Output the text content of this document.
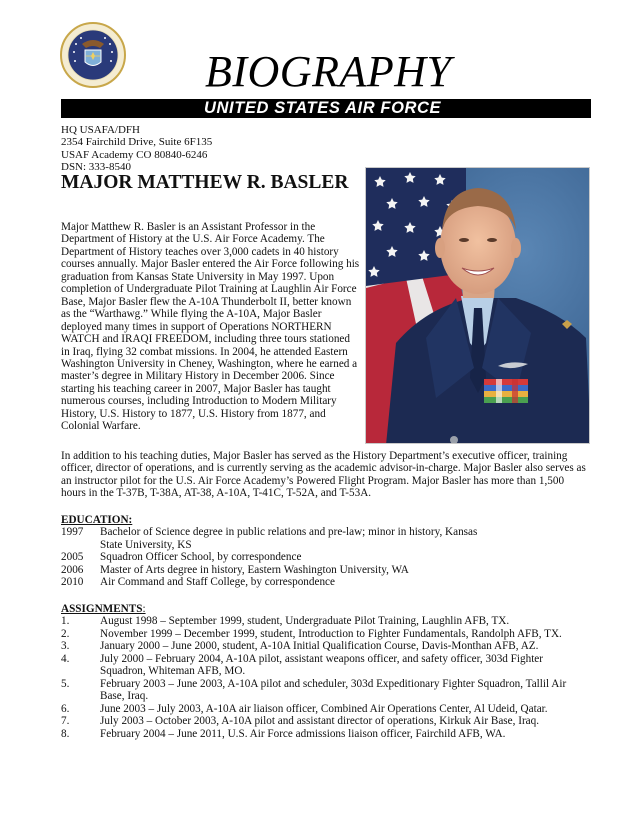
BIOGRAPHY
UNITED STATES AIR FORCE
HQ USAFA/DFH
2354 Fairchild Drive, Suite 6F135
USAF Academy CO 80840-6246
DSN: 333-8540
MAJOR MATTHEW R. BASLER

Major Matthew R. Basler is an Assistant Professor in the Department of History at the U.S. Air Force Academy. The Department of History teaches over 3,000 cadets in 40 history courses annually. Major Basler entered the Air Force following his graduation from Kansas State University in May 1997. Upon completion of Undergraduate Pilot Training at Laughlin Air Force Base, Major Basler flew the A-10A Thunderbolt II, better known as the “Warthawg.” While flying the A-10A, Major Basler deployed many times in support of Operations NORTHERN WATCH and IRAQI FREEDOM, including three tours stationed in Iraq, flying 32 combat missions. In 2004, he attended Eastern Washington University in Cheney, Washington, where he earned a master’s degree in Military History in December 2006. Since starting his teaching career in 2007, Major Basler has taught numerous courses, including Introduction to Modern Military History, U.S. History to 1877, U.S. History from 1877, and Colonial Warfare.

In addition to his teaching duties, Major Basler has served as the History Department’s executive officer, training officer, director of operations, and is currently serving as the academic advisor-in-charge. Major Basler also serves as an instructor pilot for the U.S. Air Force Academy’s Powered Flight Program. Major Basler has more than 1,500 hours in the T-37B, T-38A, AT-38, A-10A, T-41C, T-52A, and T-53A.

EDUCATION:
1997	Bachelor of Science degree in public relations and pre-law; minor in history, Kansas State University, KS
2005	Squadron Officer School, by correspondence
2006	Master of Arts degree in history, Eastern Washington University, WA
2010	Air Command and Staff College, by correspondence
ASSIGNMENTS:
1.	August 1998 – September 1999, student, Undergraduate Pilot Training, Laughlin AFB, TX.
2.	November 1999 – December 1999, student, Introduction to Fighter Fundamentals, Randolph AFB, TX.
3.	January 2000 – June 2000, student, A-10A Initial Qualification Course, Davis-Monthan AFB, AZ.
4.	July 2000 – February 2004, A-10A pilot, assistant weapons officer, and safety officer, 303d Fighter Squadron, Whiteman AFB, MO.
5.	February 2003 – June 2003, A-10A pilot and scheduler, 303d Expeditionary Fighter Squadron, Tallil Air Base, Iraq.
6.	June 2003 – July 2003, A-10A air liaison officer, Combined Air Operations Center, Al Udeid, Qatar.
7.	July 2003 – October 2003, A-10A pilot and assistant director of operations, Kirkuk Air Base, Iraq.
8.	February 2004 – June 2011, U.S. Air Force admissions liaison officer, Fairchild AFB, WA.
